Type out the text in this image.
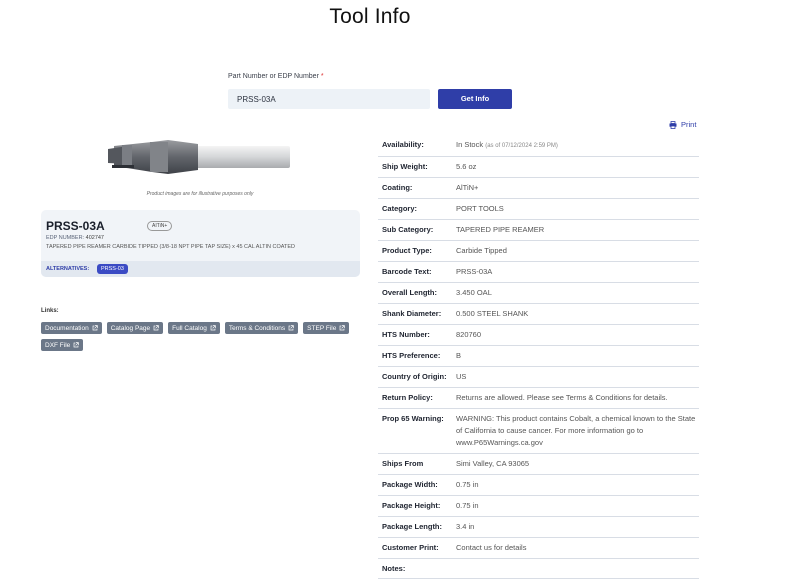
Tool Info
Part Number or EDP Number *
PRSS-03A
Get Info
Print
Product images are for illustrative purposes only
PRSS-03A	AITiN+
EDP NUMBER: 402747
TAPERED PIPE REAMER CARBIDE TIPPED (3/8-18 NPT PIPE TAP SIZE) x 45 CAL ALTIN COATED
ALTERNATIVES:	PRSS-03
Links:
Documentation	Catalog Page	Full Catalog	Terms & Conditions	STEP File
DXF File
Availability:	In Stock (as of 07/12/2024 2:59 PM)
Ship Weight:	5.6 oz
Coating:	AlTiN+
Category:	PORT TOOLS
Sub Category:	TAPERED PIPE REAMER
Product Type:	Carbide Tipped
Barcode Text:	PRSS-03A
Overall Length:	3.450 OAL
Shank Diameter:	0.500 STEEL SHANK
HTS Number:	820760
HTS Preference:	B
Country of Origin:	US
Return Policy:	Returns are allowed. Please see Terms & Conditions for details.
Prop 65 Warning:	WARNING: This product contains Cobalt, a chemical known to the State of California to cause cancer. For more information go to www.P65Warnings.ca.gov
Ships From	Simi Valley, CA 93065
Package Width:	0.75 in
Package Height:	0.75 in
Package Length:	3.4 in
Customer Print:	Contact us for details
Notes:
